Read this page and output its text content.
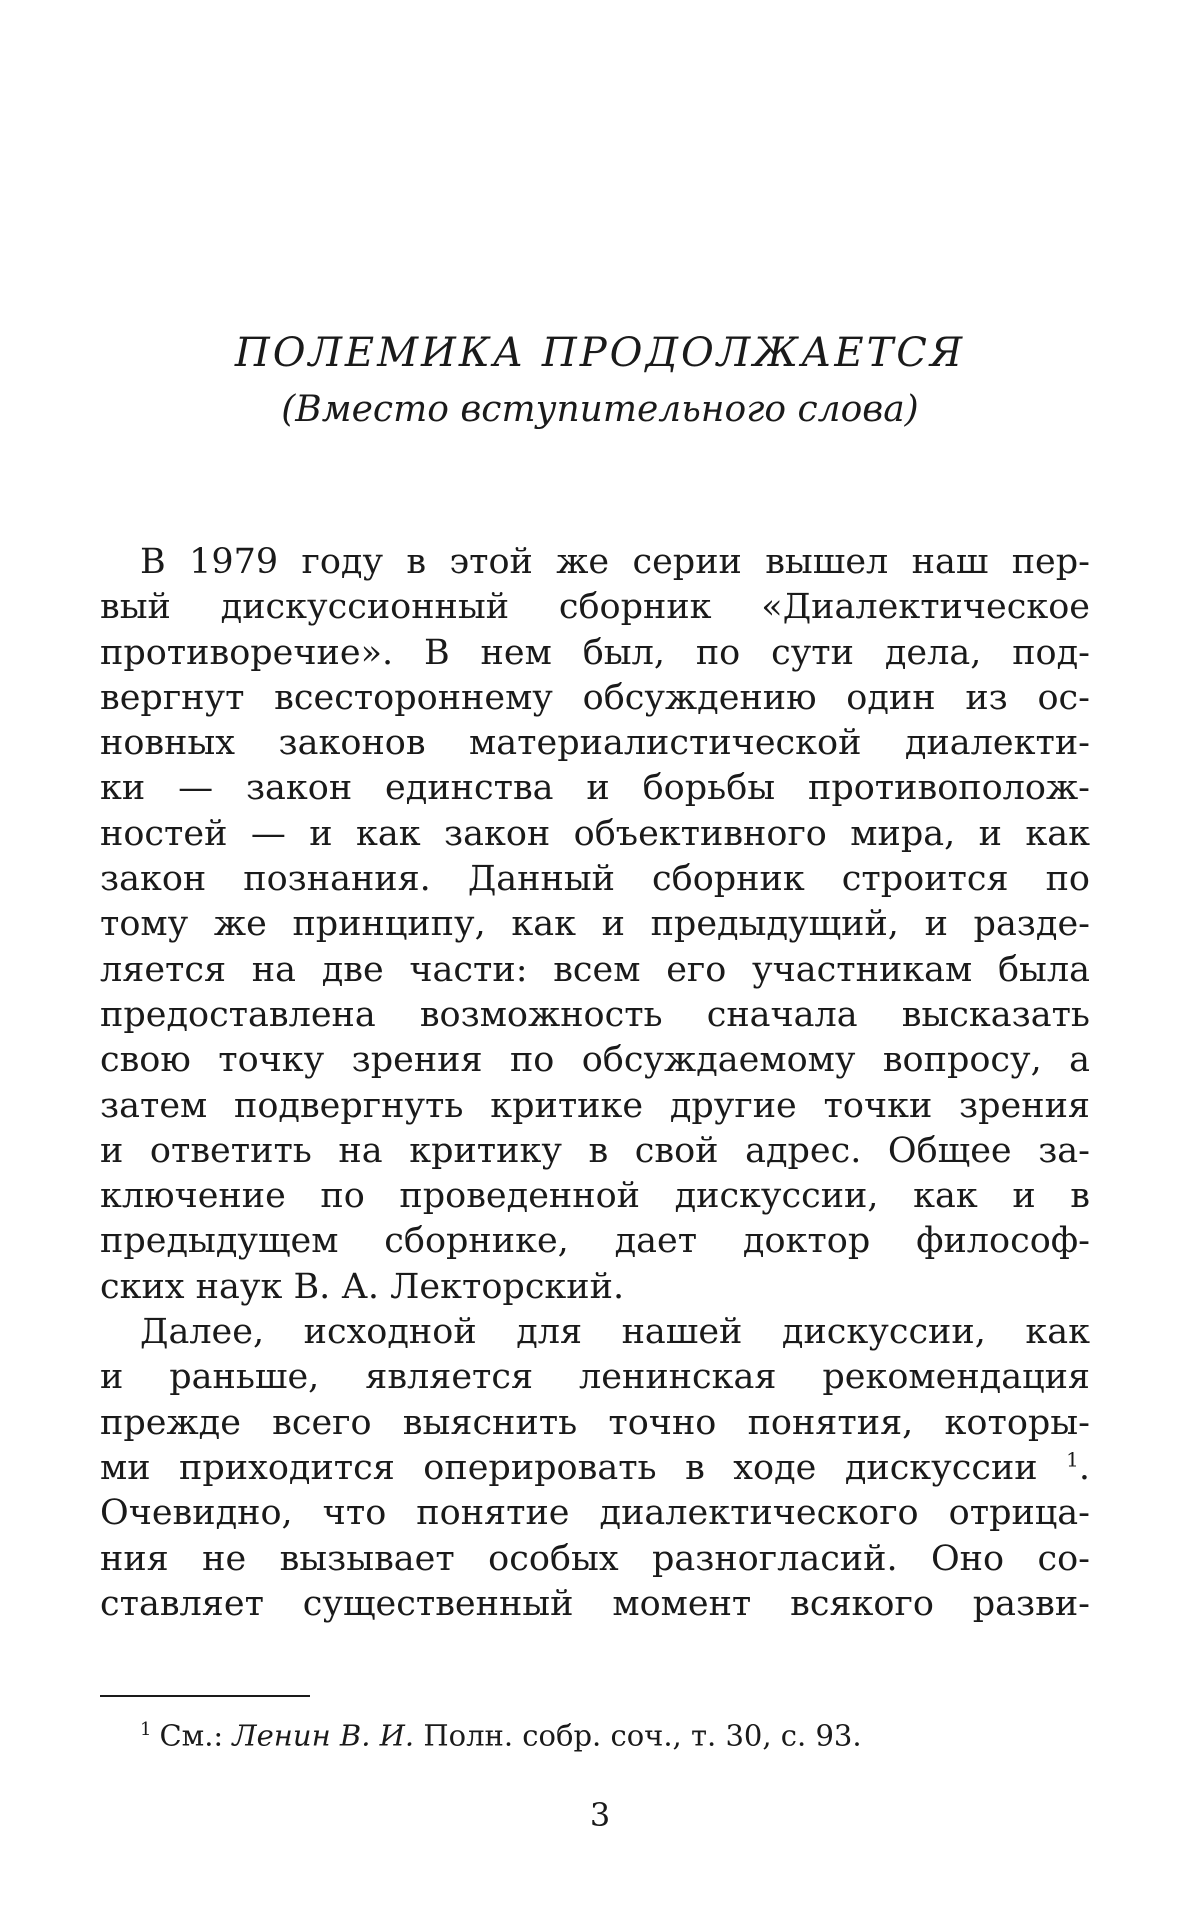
ПОЛЕМИКА ПРОДОЛЖАЕТСЯ
(Вместо вступительного слова)
В 1979 году в этой же серии вышел наш пер-
вый дискуссионный сборник «Диалектическое
противоречие». В нем был, по сути дела, под-
вергнут всестороннему обсуждению один из ос-
новных законов материалистической диалекти-
ки — закон единства и борьбы противополож-
ностей — и как закон объективного мира, и как
закон познания. Данный сборник строится по
тому же принципу, как и предыдущий, и разде-
ляется на две части: всем его участникам была
предоставлена возможность сначала высказать
свою точку зрения по обсуждаемому вопросу, а
затем подвергнуть критике другие точки зрения
и ответить на критику в свой адрес. Общее за-
ключение по проведенной дискуссии, как и в
предыдущем сборнике, дает доктор философ-
ских наук В. А. Лекторский.
Далее, исходной для нашей дискуссии, как
и раньше, является ленинская рекомендация
прежде всего выяснить точно понятия, которы-
ми приходится оперировать в ходе дискуссии $^1$.
Очевидно, что понятие диалектического отрица-
ния не вызывает особых разногласий. Оно со-
ставляет существенный момент всякого разви-
$^1$ См.: Ленин В. И. Полн. собр. соч., т. 30, с. 93.
3
